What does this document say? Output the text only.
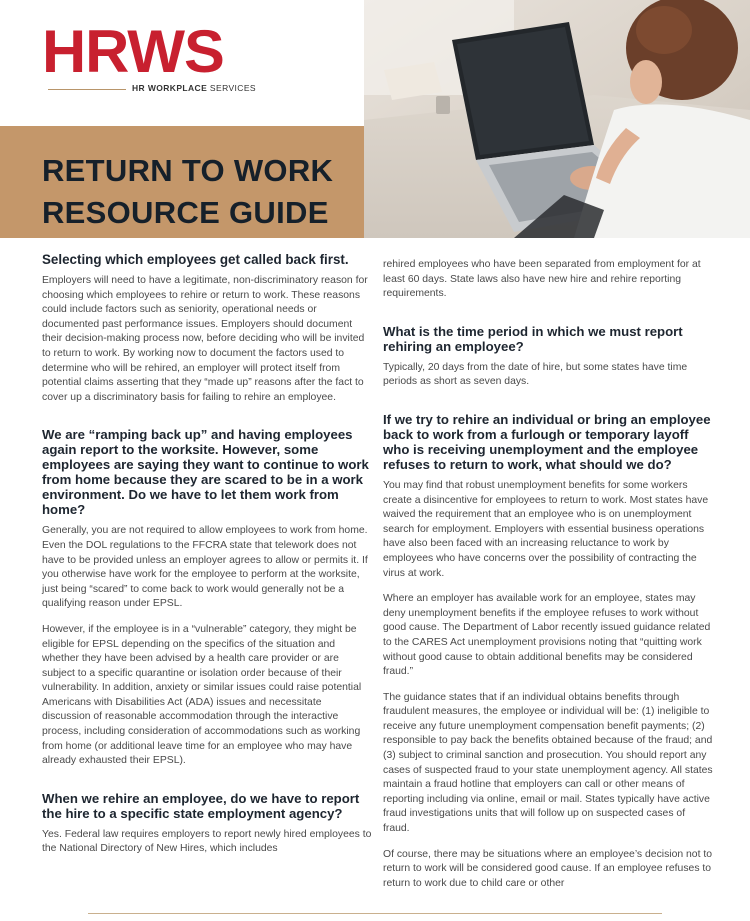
HRWS
HR WORKPLACE SERVICES
RETURN TO WORK
RESOURCE GUIDE
Selecting which employees get called back first.

Employers will need to have a legitimate, non-discriminatory reason for choosing which employees to rehire or return to work. These reasons could include factors such as seniority, operational needs or documented past performance issues. Employers should document their decision-making process now, before deciding who will be invited to return to work. By working now to document the factors used to determine who will be rehired, an employer will protect itself from potential claims asserting that they “made up” reasons after the fact to cover up a discriminatory basis for failing to rehire an employee.

We are “ramping back up” and having employees again report to the worksite. However, some employees are saying they want to continue to work from home because they are scared to be in a work environment. Do we have to let them work from home?

Generally, you are not required to allow employees to work from home. Even the DOL regulations to the FFCRA state that telework does not have to be provided unless an employer agrees to allow or permits it. If you otherwise have work for the employee to perform at the worksite, just being “scared” to come back to work would generally not be a qualifying reason under EPSL.

However, if the employee is in a “vulnerable” category, they might be eligible for EPSL depending on the specifics of the situation and whether they have been advised by a health care provider or are subject to a specific quarantine or isolation order because of their vulnerability. In addition, anxiety or similar issues could raise potential Americans with Disabilities Act (ADA) issues and necessitate discussion of reasonable accommodation through the interactive process, including consideration of accommodations such as working from home (or additional leave time for an employee who may have already exhausted their EPSL).

When we rehire an employee, do we have to report the hire to a specific state employment agency?

Yes. Federal law requires employers to report newly hired employees to the National Directory of New Hires, which includes

rehired employees who have been separated from employment for at least 60 days. State laws also have new hire and rehire reporting requirements.

What is the time period in which we must report rehiring an employee?

Typically, 20 days from the date of hire, but some states have time periods as short as seven days.

If we try to rehire an individual or bring an employee back to work from a furlough or temporary layoff who is receiving unemployment and the employee refuses to return to work, what should we do?

You may find that robust unemployment benefits for some workers create a disincentive for employees to return to work. Most states have waived the requirement that an employee who is on unemployment search for employment. Employers with essential business operations have also been faced with an increasing reluctance to work by employees who have concerns over the possibility of contracting the virus at work.

Where an employer has available work for an employee, states may deny unemployment benefits if the employee refuses to work without good cause. The Department of Labor recently issued guidance related to the CARES Act unemployment provisions noting that “quitting work without good cause to obtain additional benefits may be considered fraud.”

The guidance states that if an individual obtains benefits through fraudulent measures, the employee or individual will be: (1) ineligible to receive any future unemployment compensation benefit payments; (2) responsible to pay back the benefits obtained because of the fraud; and (3) subject to criminal sanction and prosecution. You should report any cases of suspected fraud to your state unemployment agency. All states maintain a fraud hotline that employers can call or other means of reporting including via online, email or mail. States typically have active fraud investigations units that will follow up on suspected cases of fraud.

Of course, there may be situations where an employee’s decision not to return to work will be considered good cause. If an employee refuses to return to work due to child care or other
